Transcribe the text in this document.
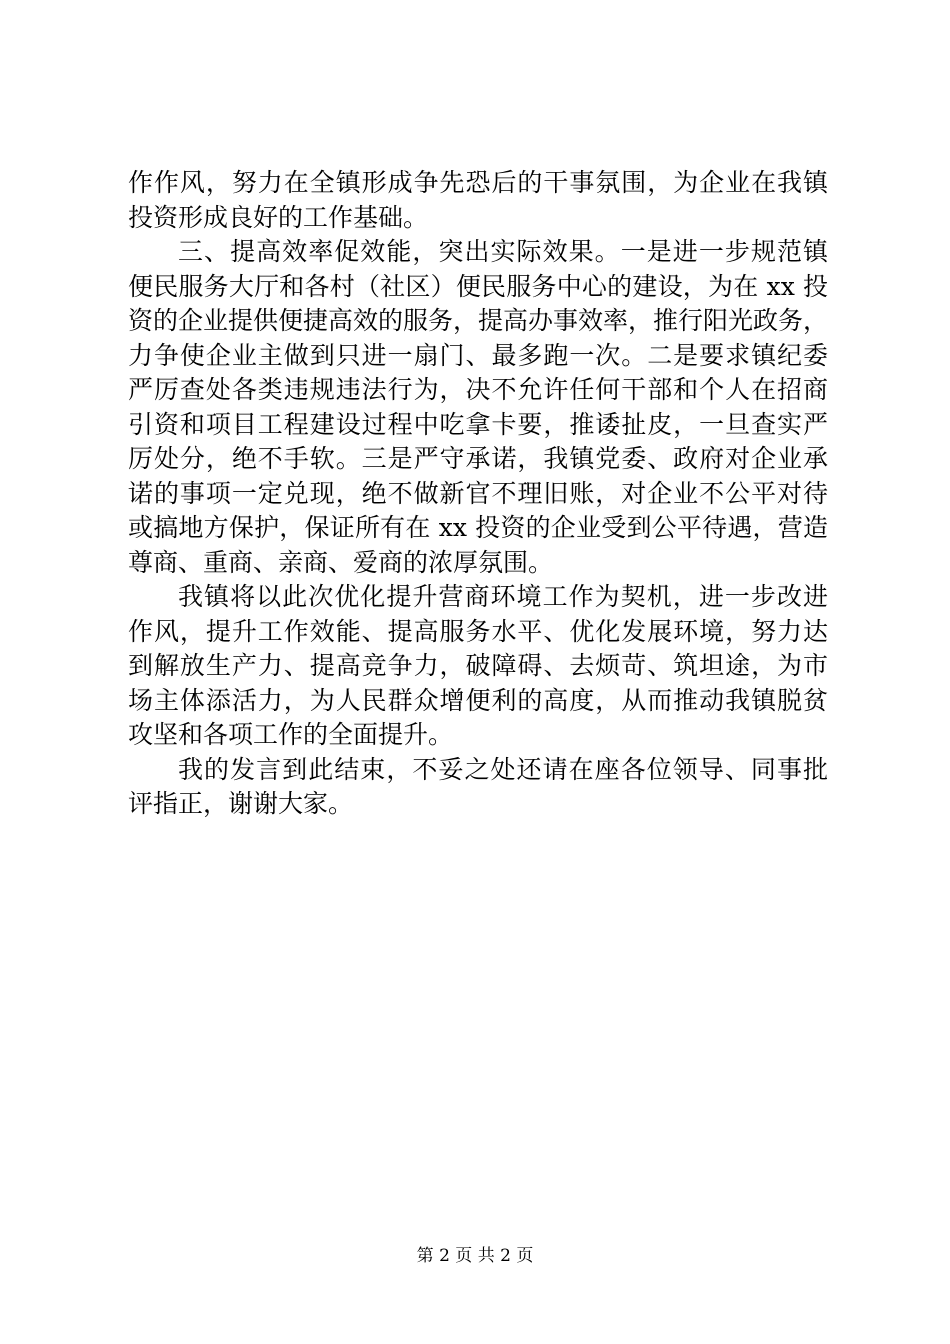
作作风，努力在全镇形成争先恐后的干事氛围，为企业在我镇
投资形成良好的工作基础。
三、提高效率促效能，突出实际效果。一是进一步规范镇
便民服务大厅和各村（社区）便民服务中心的建设，为在 xx 投
资的企业提供便捷高效的服务，提高办事效率，推行阳光政务，
力争使企业主做到只进一扇门、最多跑一次。二是要求镇纪委
严厉查处各类违规违法行为，决不允许任何干部和个人在招商
引资和项目工程建设过程中吃拿卡要，推诿扯皮，一旦查实严
厉处分，绝不手软。三是严守承诺，我镇党委、政府对企业承
诺的事项一定兑现，绝不做新官不理旧账，对企业不公平对待
或搞地方保护，保证所有在 xx 投资的企业受到公平待遇，营造
尊商、重商、亲商、爱商的浓厚氛围。
我镇将以此次优化提升营商环境工作为契机，进一步改进
作风，提升工作效能、提高服务水平、优化发展环境，努力达
到解放生产力、提高竞争力，破障碍、去烦苛、筑坦途，为市
场主体添活力，为人民群众增便利的高度，从而推动我镇脱贫
攻坚和各项工作的全面提升。
我的发言到此结束，不妥之处还请在座各位领导、同事批
评指正，谢谢大家。
第 2 页 共 2 页
